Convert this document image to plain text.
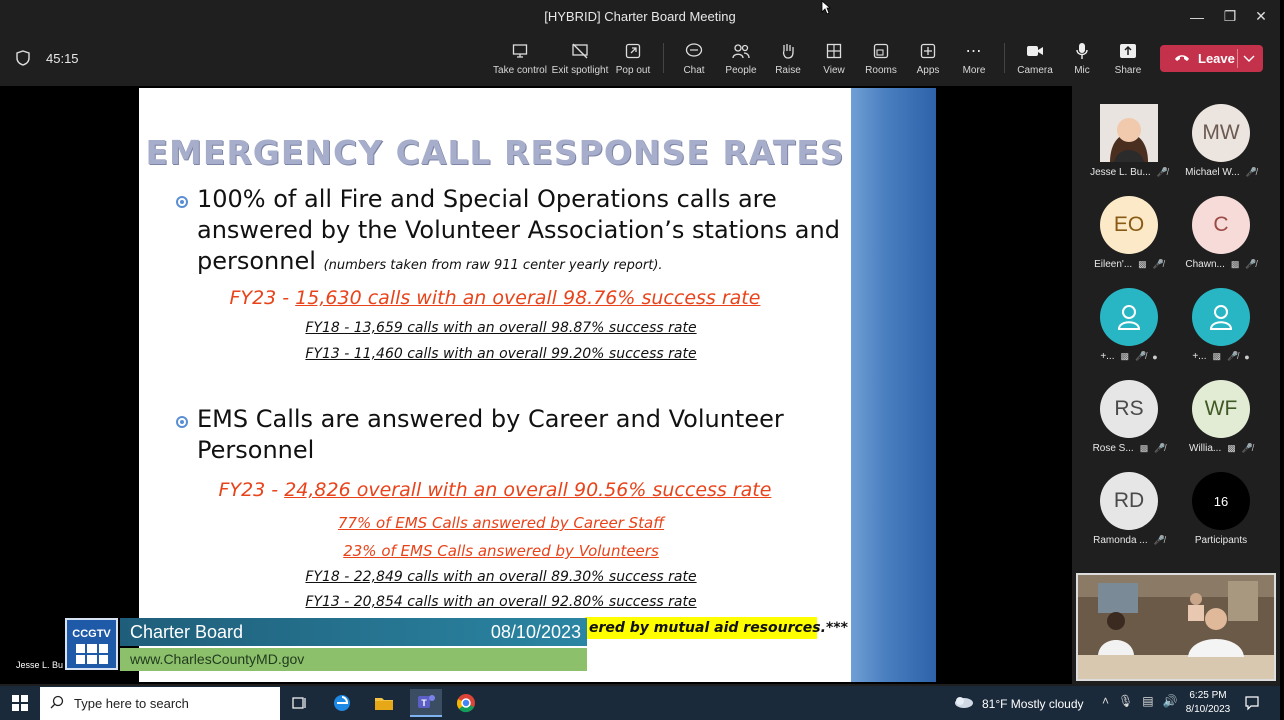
[HYBRID] Charter Board Meeting	—	❐	✕
45:15
Take control Exit spotlight Pop out	Chat People Raise View Rooms Apps
⋯
More	Camera Mic Share
Leave
EMERGENCY CALL RESPONSE RATES
100% of all Fire and Special Operations calls are
answered by the Volunteer Association’s stations and
personnel (numbers taken from raw 911 center yearly report).
FY23 - 15,630 calls with an overall 98.76% success rate
FY18 - 13,659 calls with an overall 98.87% success rate
FY13 - 11,460 calls with an overall 99.20% success rate
EMS Calls are answered by Career and Volunteer
Personnel
FY23 - 24,826 overall with an overall 90.56% success rate
77% of EMS Calls answered by Career Staff
23% of EMS Calls answered by Volunteers
FY18 - 22,849 calls with an overall 89.30% success rate
FY13 - 20,854 calls with an overall 92.80% success rate
ered by mutual aid resources.***
CCGTV Charter Board	08/10/2023
www.CharlesCountyMD.gov
Jesse L. Bu
Jesse L. Bu... 🎤̸
MW
Michael W... 🎤̸
EO
Eileen'... ▩ 🎤̸
C
Chawn... ▩ 🎤̸
+... ▩ 🎤̸ ●	+... ▩ 🎤̸ ●
RS
Rose S... ▩ 🎤̸
WF
Willia... ▩ 🎤̸
RD
Ramonda ... 🎤̸
16
Participants
Type here to search	T	81°F Mostly cloudy ˄ 🎙 ▤ 🔊	6:25 PM
8/10/2023
